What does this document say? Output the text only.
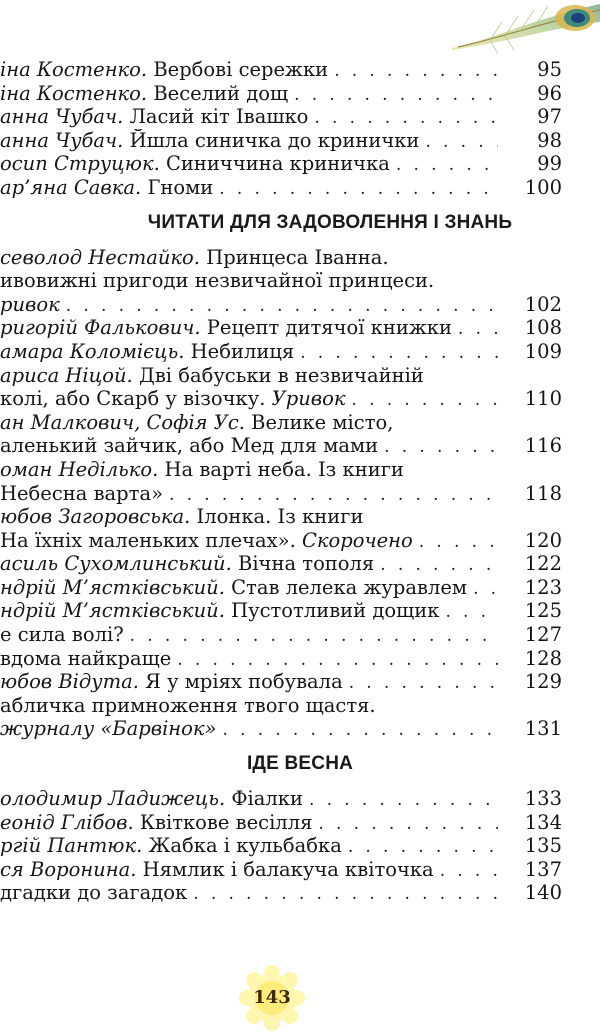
іна Костенко. Вербові сережки . . .	95
іна Костенко. Веселий дощ . . .	96
анна Чубач. Ласий кіт Івашко . . .	97
анна Чубач. Йшла синичка до кринички . . .	98
осип Струцюк. Синиччина криничка . . .	99
ар’яна Савка. Гноми . . .	100
ЧИТАТИ ДЛЯ ЗАДОВОЛЕННЯ І ЗНАНЬ
севолод Нестайко. Принцеса Іванна.
ивовижні пригоди незвичайної принцеси.
ривок . . .	102
ригорій Фалькович. Рецепт дитячої книжки . . .	108
амара Коломієць. Небилиця . . .	109
ариса Ніцой. Дві бабуськи в незвичайній
колі, або Скарб у візочку. Уривок . . .	110
ан Малкович, Софія Ус. Велике місто,
аленький зайчик, або Мед для мами . . .	116
оман Неділько. На варті неба. Із книги
Небесна варта» . . .	118
юбов Загоровська. Ілонка. Із книги
На їхніх маленьких плечах». Скорочено . . .	120
асиль Сухомлинський. Вічна тополя . . .	122
ндрій М’ястківський. Став лелека журавлем . . .	123
ндрій М’ястківський. Пустотливий дощик . . .	125
е сила волі? . . .	127
вдома найкраще . . .	128
юбов Відута. Я у мріях побувала . . .	129
абличка примноження твого щастя.
журналу «Барвінок» . . .	131
ІДЕ ВЕСНА
олодимир Ладижець. Фіалки . . .	133
еонід Глібов. Квіткове весілля . . .	134
ргій Пантюк. Жабка і кульбабка . . .	135
ся Воронина. Нямлик і балакуча квіточка . . .	137
дгадки до загадок . . .	140
143
